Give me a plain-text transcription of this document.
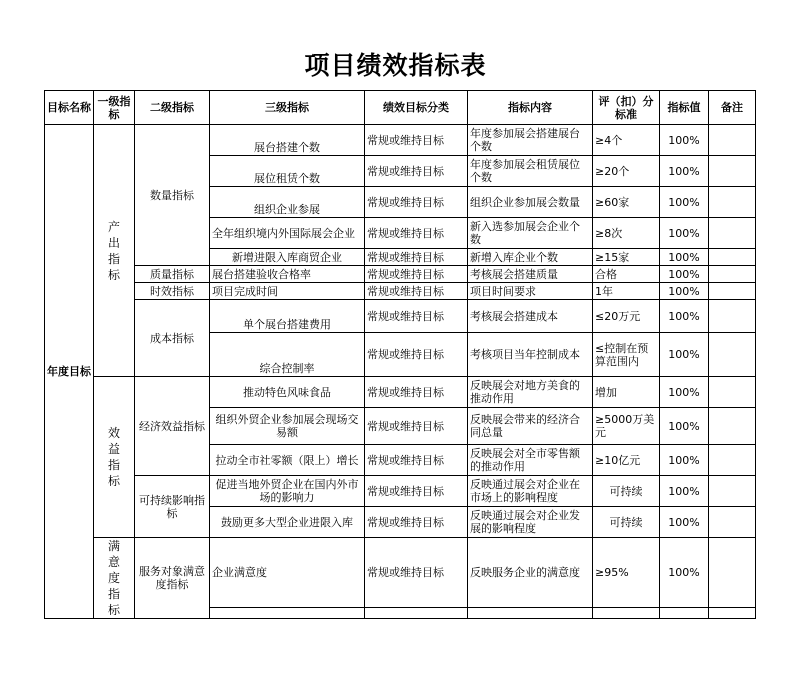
项目绩效指标表
目标名称	一级指标	二级指标	三级指标	绩效目标分类	指标内容	评（扣）分标准	指标值	备注
年度目标	产出指标	数量指标	展台搭建个数	常规或维持目标	年度参加展会搭建展台个数	≥4个	100%	
			展位租赁个数	常规或维持目标	年度参加展会租赁展位个数	≥20个	100%	
			组织企业参展	常规或维持目标	组织企业参加展会数量	≥60家	100%	
			全年组织境内外国际展会企业	常规或维持目标	新入选参加展会企业个数	≥8次	100%	
			新增进限入库商贸企业	常规或维持目标	新增入库企业个数	≥15家	100%	
		质量指标	展台搭建验收合格率	常规或维持目标	考核展会搭建质量	合格	100%	
		时效指标	项目完成时间	常规或维持目标	项目时间要求	1年	100%	
		成本指标	单个展台搭建费用	常规或维持目标	考核展会搭建成本	≤20万元	100%	
			综合控制率	常规或维持目标	考核项目当年控制成本	≤控制在预算范围内	100%	
	效益指标	经济效益指标	推动特色风味食品	常规或维持目标	反映展会对地方美食的推动作用	增加	100%	
			组织外贸企业参加展会现场交易额	常规或维持目标	反映展会带来的经济合同总量	≥5000万美元	100%	
			拉动全市社零额（限上）增长	常规或维持目标	反映展会对全市零售额的推动作用	≥10亿元	100%	
		可持续影响指标	促进当地外贸企业在国内外市场的影响力	常规或维持目标	反映通过展会对企业在市场上的影响程度	可持续	100%	
			鼓励更多大型企业进限入库	常规或维持目标	反映通过展会对企业发展的影响程度	可持续	100%	
	满意度指标	服务对象满意度指标	企业满意度	常规或维持目标	反映服务企业的满意度	≥95%	100%	
